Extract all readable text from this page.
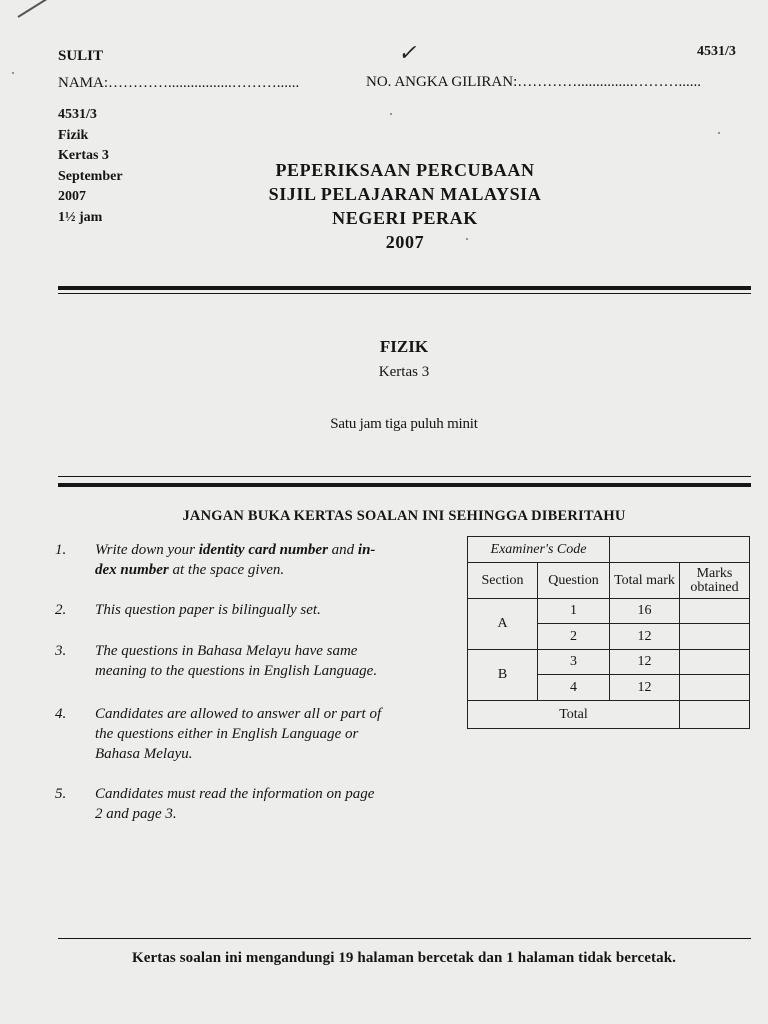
✓
SULIT	4531/3
NAMA:………….................………......	NO. ANGKA GILIRAN:…………...............………......
4531/3
Fizik
Kertas 3
September
2007
1½ jam
PEPERIKSAAN PERCUBAAN
SIJIL PELAJARAN MALAYSIA
NEGERI PERAK
2007
FIZIK
Kertas 3
Satu jam tiga puluh minit
JANGAN BUKA KERTAS SOALAN INI SEHINGGA DIBERITAHU
1. Write down your identity card number and in-
dex number at the space given.
2. This question paper is bilingually set.
3. The questions in Bahasa Melayu have same
meaning to the questions in English Language.
4. Candidates are allowed to answer all or part of
the questions either in English Language or
Bahasa Melayu.
5. Candidates must read the information on page
2 and page 3.
Examiner's Code			
Section	Question	Total mark	Marks obtained
A	1	16	
	2	12	
B	3	12	
	4	12	
Total			
Kertas soalan ini mengandungi 19 halaman bercetak dan 1 halaman tidak bercetak.
